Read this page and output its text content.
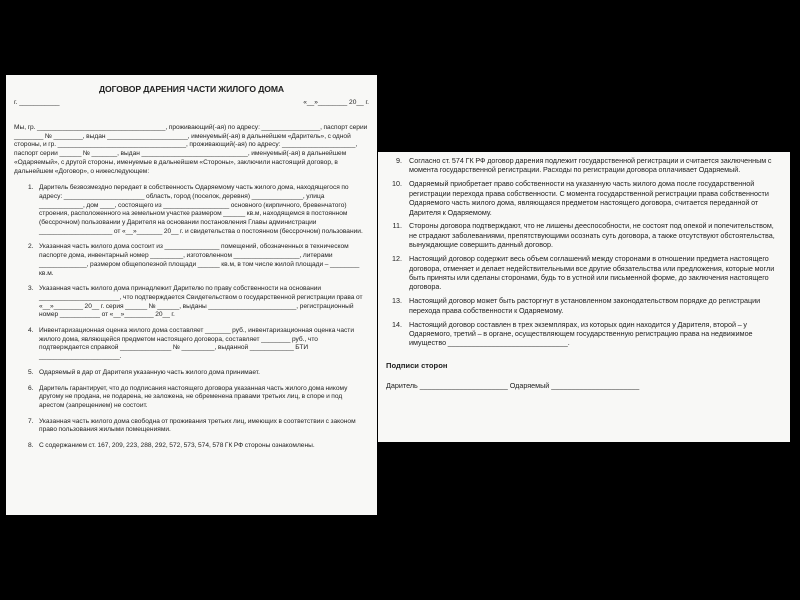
ДОГОВОР ДАРЕНИЯ ЧАСТИ ЖИЛОГО ДОМА
г. ___________	«__»________ 20__ г.

Мы, гр. ___________________________________, проживающий(-ая) по адресу: ________________, паспорт серии ________ № ________, выдан ______________________, именуемый(-ая) в дальнейшем «Даритель», с одной стороны, и гр. ___________________________________, проживающий(-ая) по адресу: ____________________, паспорт серии ______ № _______, выдан _____________________________, именуемый(-ая) в дальнейшем «Одаряемый», с другой стороны, именуемые в дальнейшем «Стороны», заключили настоящий договор, в дальнейшем «Договор», о нижеследующем:

1. Даритель безвозмездно передает в собственность Одаряемому часть жилого дома, находящегося по адресу: ______________________ область, город (поселок, деревня) ______________, улица ____________, дом ____, состоящего из __________________ основного (кирпичного, бревенчатого) строения, расположенного на земельном участке размером ______ кв.м, находящемся в постоянном (бессрочном) пользовании у Дарителя на основании постановления Главы администрации ____________________ от «__»_______ 20__ г. и свидетельства о постоянном (бессрочном) пользовании.
2. Указанная часть жилого дома состоит из _______________ помещений, обозначенных в техническом паспорте дома, инвентарный номер _________, изготовленном __________________, литерами _____________, размером общеполезной площади ______ кв.м, в том числе жилой площади – ________ кв.м.
3. Указанная часть жилого дома принадлежит Дарителю по праву собственности на основании ______________________, что подтверждается Свидетельством о государственной регистрации права от «__»________ 20__ г. серия ______ № ______, выданы ________________________, регистрационный номер ___________ от «__»________ 20__ г.
4. Инвентаризационная оценка жилого дома составляет _______ руб., инвентаризационная оценка части жилого дома, являющейся предметом настоящего договора, составляет ________ руб., что подтверждается справкой ______________ № _________, выданной ____________ БТИ ______________________.
5. Одаряемый в дар от Дарителя указанную часть жилого дома принимает.
6. Даритель гарантирует, что до подписания настоящего договора указанная часть жилого дома никому другому не продана, не подарена, не заложена, не обременена правами третьих лиц, в споре и под арестом (запрещением) не состоит.
7. Указанная часть жилого дома свободна от проживания третьих лиц, имеющих в соответствии с законом право пользования жилыми помещениями.
8. С содержанием ст. 167, 209, 223, 288, 292, 572, 573, 574, 578 ГК РФ стороны ознакомлены.
9. Согласно ст. 574 ГК РФ договор дарения подлежит государственной регистрации и считается заключенным с момента государственной регистрации. Расходы по регистрации договора оплачивает Одаряемый.
10. Одаряемый приобретает право собственности на указанную часть жилого дома после государственной регистрации перехода права собственности. С момента государственной регистрации права собственности Одаряемого часть жилого дома, являющаяся предметом настоящего договора, считается переданной от Дарителя к Одаряемому.
11. Стороны договора подтверждают, что не лишены дееспособности, не состоят под опекой и попечительством, не страдают заболеваниями, препятствующими осознать суть договора, а также отсутствуют обстоятельства, вынуждающие совершить данный договор.
12. Настоящий договор содержит весь объем соглашений между сторонами в отношении предмета настоящего договора, отменяет и делает недействительными все другие обязательства или предложения, которые могли быть приняты или сделаны сторонами, будь то в устной или письменной форме, до заключения настоящего договора.
13. Настоящий договор может быть расторгнут в установленном законодательством порядке до регистрации перехода права собственности к Одаряемому.
14. Настоящий договор составлен в трех экземплярах, из которых один находится у Дарителя, второй – у Одаряемого, третий – в органе, осуществляющем государственную регистрацию права на недвижимое имущество ______________________________.
Подписи сторон
Даритель ______________________ Одаряемый ______________________
